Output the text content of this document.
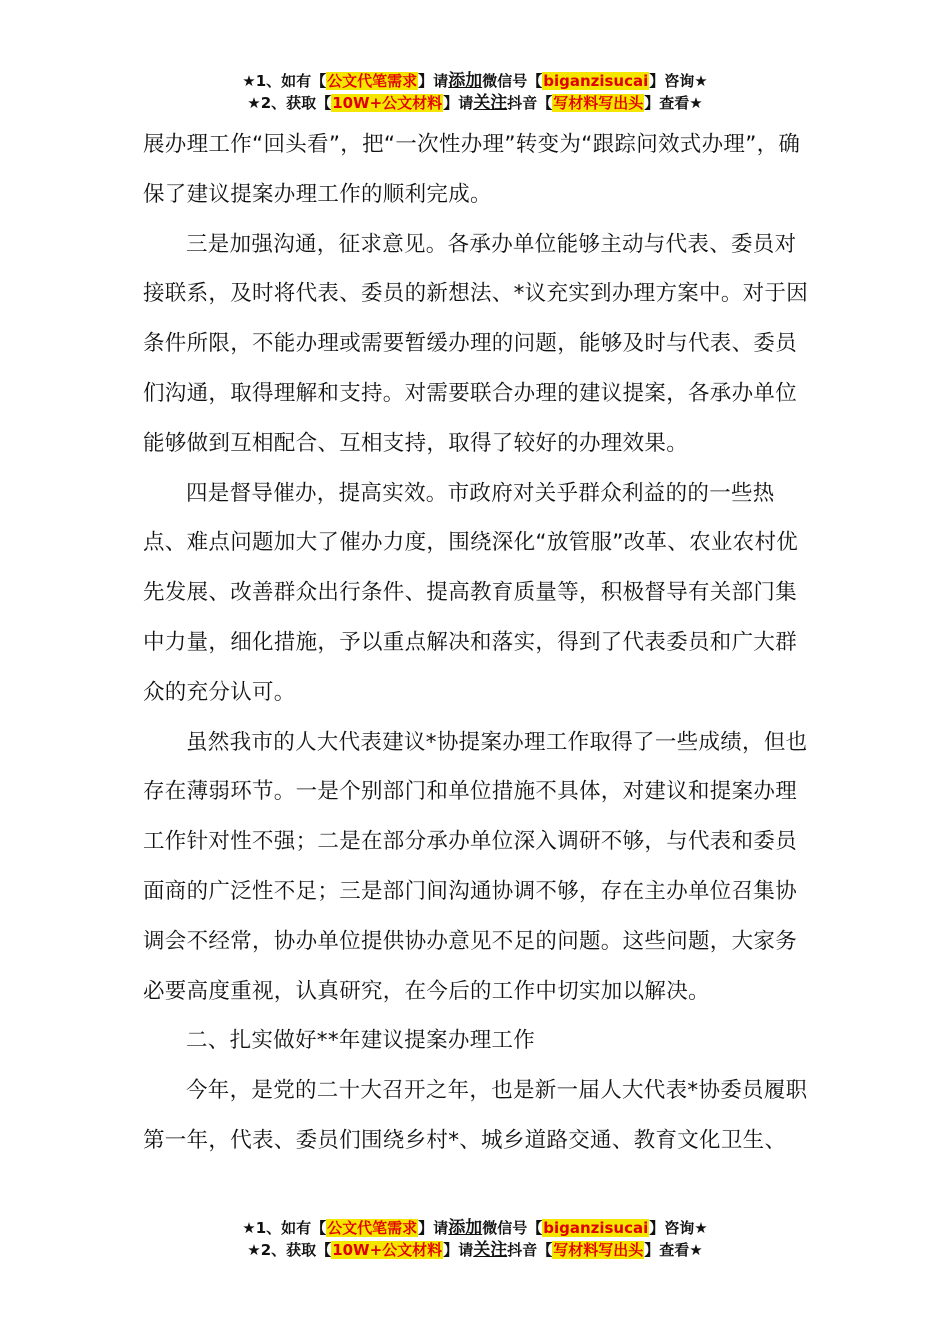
★1、如有【公文代笔需求】请添加微信号【biganzisucai】咨询★
★2、获取【10W+公文材料】请关注抖音【写材料写出头】查看★

展办理工作“回头看”，把“一次性办理”转变为“跟踪问效式办理”，确保了建议提案办理工作的顺利完成。

三是加强沟通，征求意见。各承办单位能够主动与代表、委员对接联系，及时将代表、委员的新想法、*议充实到办理方案中。对于因条件所限，不能办理或需要暂缓办理的问题，能够及时与代表、委员们沟通，取得理解和支持。对需要联合办理的建议提案，各承办单位能够做到互相配合、互相支持，取得了较好的办理效果。

四是督导催办，提高实效。市政府对关乎群众利益的的一些热点、难点问题加大了催办力度，围绕深化“放管服”改革、农业农村优先发展、改善群众出行条件、提高教育质量等，积极督导有关部门集中力量，细化措施，予以重点解决和落实，得到了代表委员和广大群众的充分认可。

虽然我市的人大代表建议*协提案办理工作取得了一些成绩，但也存在薄弱环节。一是个别部门和单位措施不具体，对建议和提案办理工作针对性不强；二是在部分承办单位深入调研不够，与代表和委员面商的广泛性不足；三是部门间沟通协调不够，存在主办单位召集协调会不经常，协办单位提供协办意见不足的问题。这些问题，大家务必要高度重视，认真研究，在今后的工作中切实加以解决。

二、扎实做好**年建议提案办理工作

今年，是党的二十大召开之年，也是新一届人大代表*协委员履职第一年，代表、委员们围绕乡村*、城乡道路交通、教育文化卫生、

★1、如有【公文代笔需求】请添加微信号【biganzisucai】咨询★
★2、获取【10W+公文材料】请关注抖音【写材料写出头】查看★
